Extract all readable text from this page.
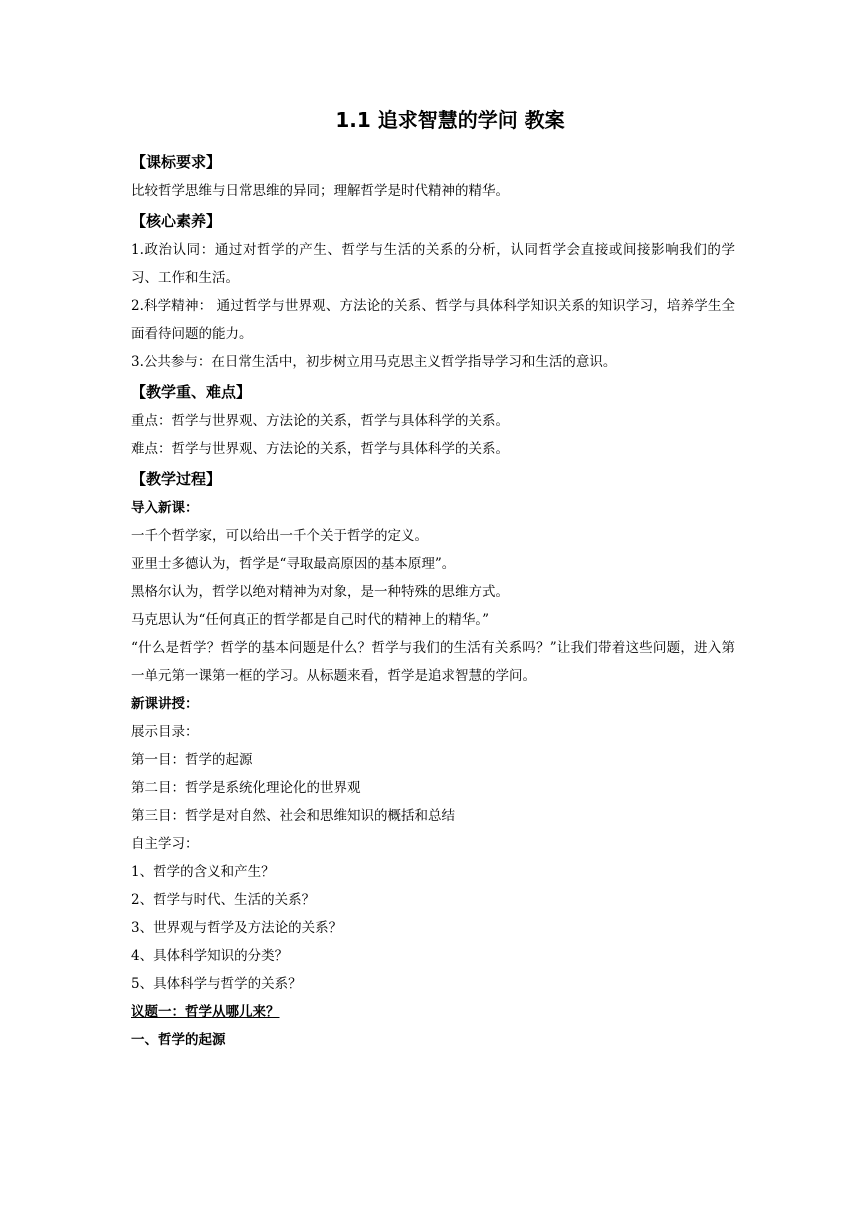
1.1 追求智慧的学问 教案
【课标要求】
比较哲学思维与日常思维的异同；理解哲学是时代精神的精华。
【核心素养】
1.政治认同：通过对哲学的产生、哲学与生活的关系的分析，认同哲学会直接或间接影响我们的学习、工作和生活。
2.科学精神： 通过哲学与世界观、方法论的关系、哲学与具体科学知识关系的知识学习，培养学生全面看待问题的能力。
3.公共参与：在日常生活中，初步树立用马克思主义哲学指导学习和生活的意识。
【教学重、难点】
重点：哲学与世界观、方法论的关系，哲学与具体科学的关系。
难点：哲学与世界观、方法论的关系，哲学与具体科学的关系。
【教学过程】
导入新课：
一千个哲学家，可以给出一千个关于哲学的定义。
亚里士多德认为，哲学是“寻取最高原因的基本原理”。
黑格尔认为，哲学以绝对精神为对象，是一种特殊的思维方式。
马克思认为“任何真正的哲学都是自己时代的精神上的精华。”
“什么是哲学？哲学的基本问题是什么？哲学与我们的生活有关系吗？”让我们带着这些问题，进入第一单元第一课第一框的学习。从标题来看，哲学是追求智慧的学问。
新课讲授：
展示目录：
第一目：哲学的起源
第二目：哲学是系统化理论化的世界观
第三目：哲学是对自然、社会和思维知识的概括和总结
自主学习：
1、哲学的含义和产生？
2、哲学与时代、生活的关系？
3、世界观与哲学及方法论的关系？
4、具体科学知识的分类？
5、具体科学与哲学的关系？
议题一：哲学从哪儿来？
一、哲学的起源
